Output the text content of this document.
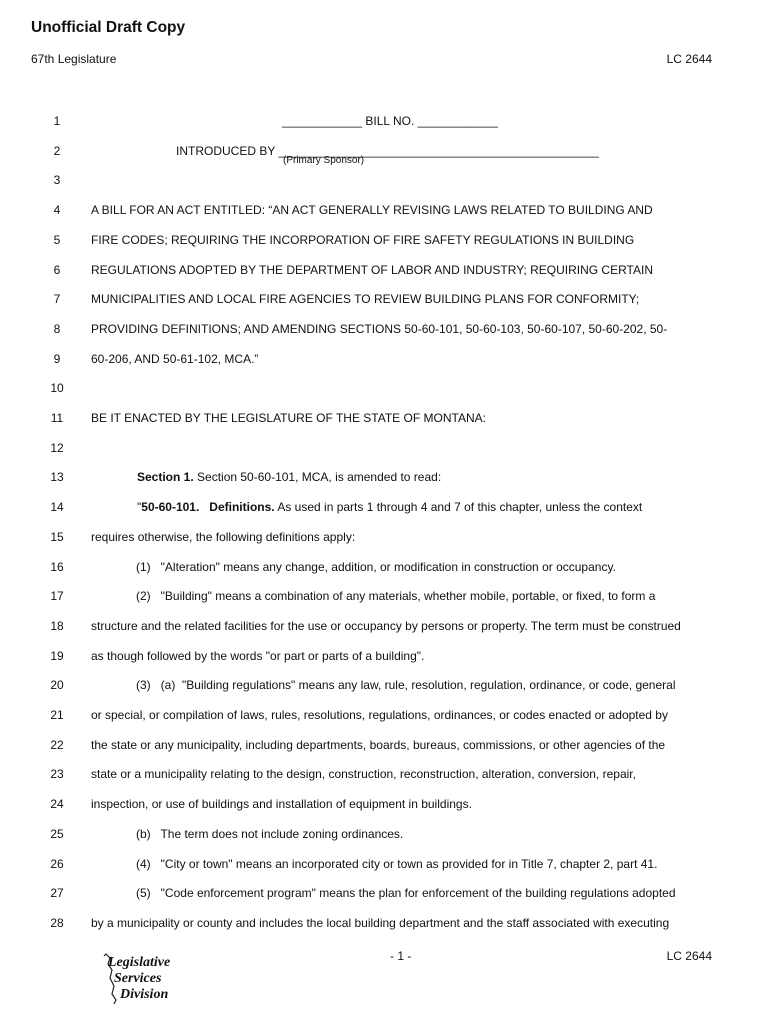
Unofficial Draft Copy
67th Legislature	LC 2644
1	____________ BILL NO. ____________
2	INTRODUCED BY ________________________________________________
3
4	A BILL FOR AN ACT ENTITLED: “AN ACT GENERALLY REVISING LAWS RELATED TO BUILDING AND
5	FIRE CODES; REQUIRING THE INCORPORATION OF FIRE SAFETY REGULATIONS IN BUILDING
6	REGULATIONS ADOPTED BY THE DEPARTMENT OF LABOR AND INDUSTRY; REQUIRING CERTAIN
7	MUNICIPALITIES AND LOCAL FIRE AGENCIES TO REVIEW BUILDING PLANS FOR CONFORMITY;
8	PROVIDING DEFINITIONS; AND AMENDING SECTIONS 50-60-101, 50-60-103, 50-60-107, 50-60-202, 50-
9	60-206, AND 50-61-102, MCA.”
10
11	BE IT ENACTED BY THE LEGISLATURE OF THE STATE OF MONTANA:
12
13	Section 1. Section 50-60-101, MCA, is amended to read:
14	"50-60-101.   Definitions. As used in parts 1 through 4 and 7 of this chapter, unless the context
15	requires otherwise, the following definitions apply:
16	(1)   "Alteration" means any change, addition, or modification in construction or occupancy.
17	(2)   "Building" means a combination of any materials, whether mobile, portable, or fixed, to form a
18	structure and the related facilities for the use or occupancy by persons or property. The term must be construed
19	as though followed by the words "or part or parts of a building".
20	(3)   (a)  "Building regulations" means any law, rule, resolution, regulation, ordinance, or code, general
21	or special, or compilation of laws, rules, resolutions, regulations, ordinances, or codes enacted or adopted by
22	the state or any municipality, including departments, boards, bureaus, commissions, or other agencies of the
23	state or a municipality relating to the design, construction, reconstruction, alteration, conversion, repair,
24	inspection, or use of buildings and installation of equipment in buildings.
25	(b)   The term does not include zoning ordinances.
26	(4)   "City or town" means an incorporated city or town as provided for in Title 7, chapter 2, part 41.
27	(5)   "Code enforcement program" means the plan for enforcement of the building regulations adopted
28	by a municipality or county and includes the local building department and the staff associated with executing
(Primary Sponsor)
Legislative
Services
Division
- 1 -	LC 2644
